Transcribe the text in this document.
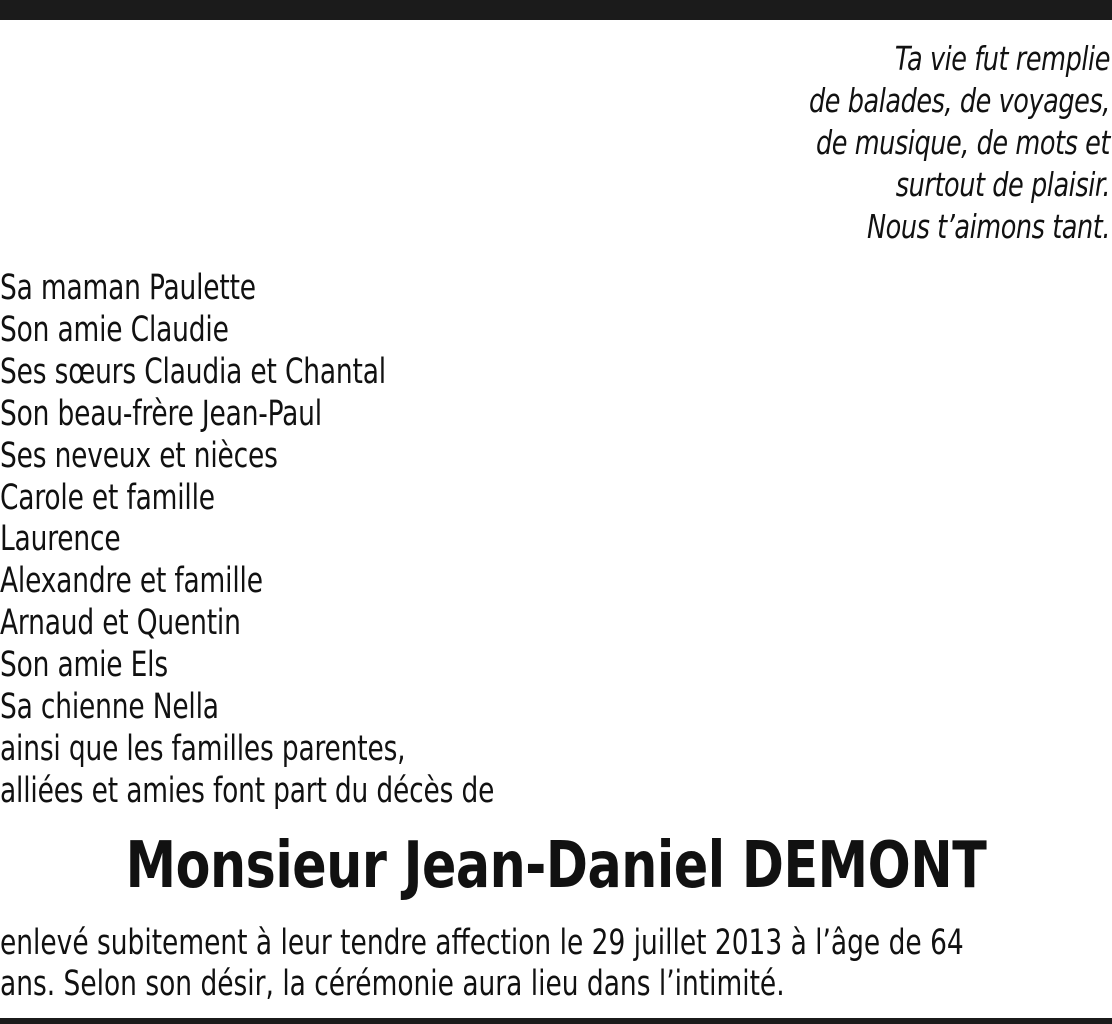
Ta vie fut remplie
de balades, de voyages,
de musique, de mots et
surtout de plaisir.
Nous t’aimons tant.
Sa maman Paulette
Son amie Claudie
Ses sœurs Claudia et Chantal
Son beau-frère Jean-Paul
Ses neveux et nièces
Carole et famille
Laurence
Alexandre et famille
Arnaud et Quentin
Son amie Els
Sa chienne Nella
ainsi que les familles parentes,
alliées et amies font part du décès de
Monsieur Jean-Daniel DEMONT
enlevé subitement à leur tendre affection le 29 juillet 2013 à l’âge de 64
ans. Selon son désir, la cérémonie aura lieu dans l’intimité.
